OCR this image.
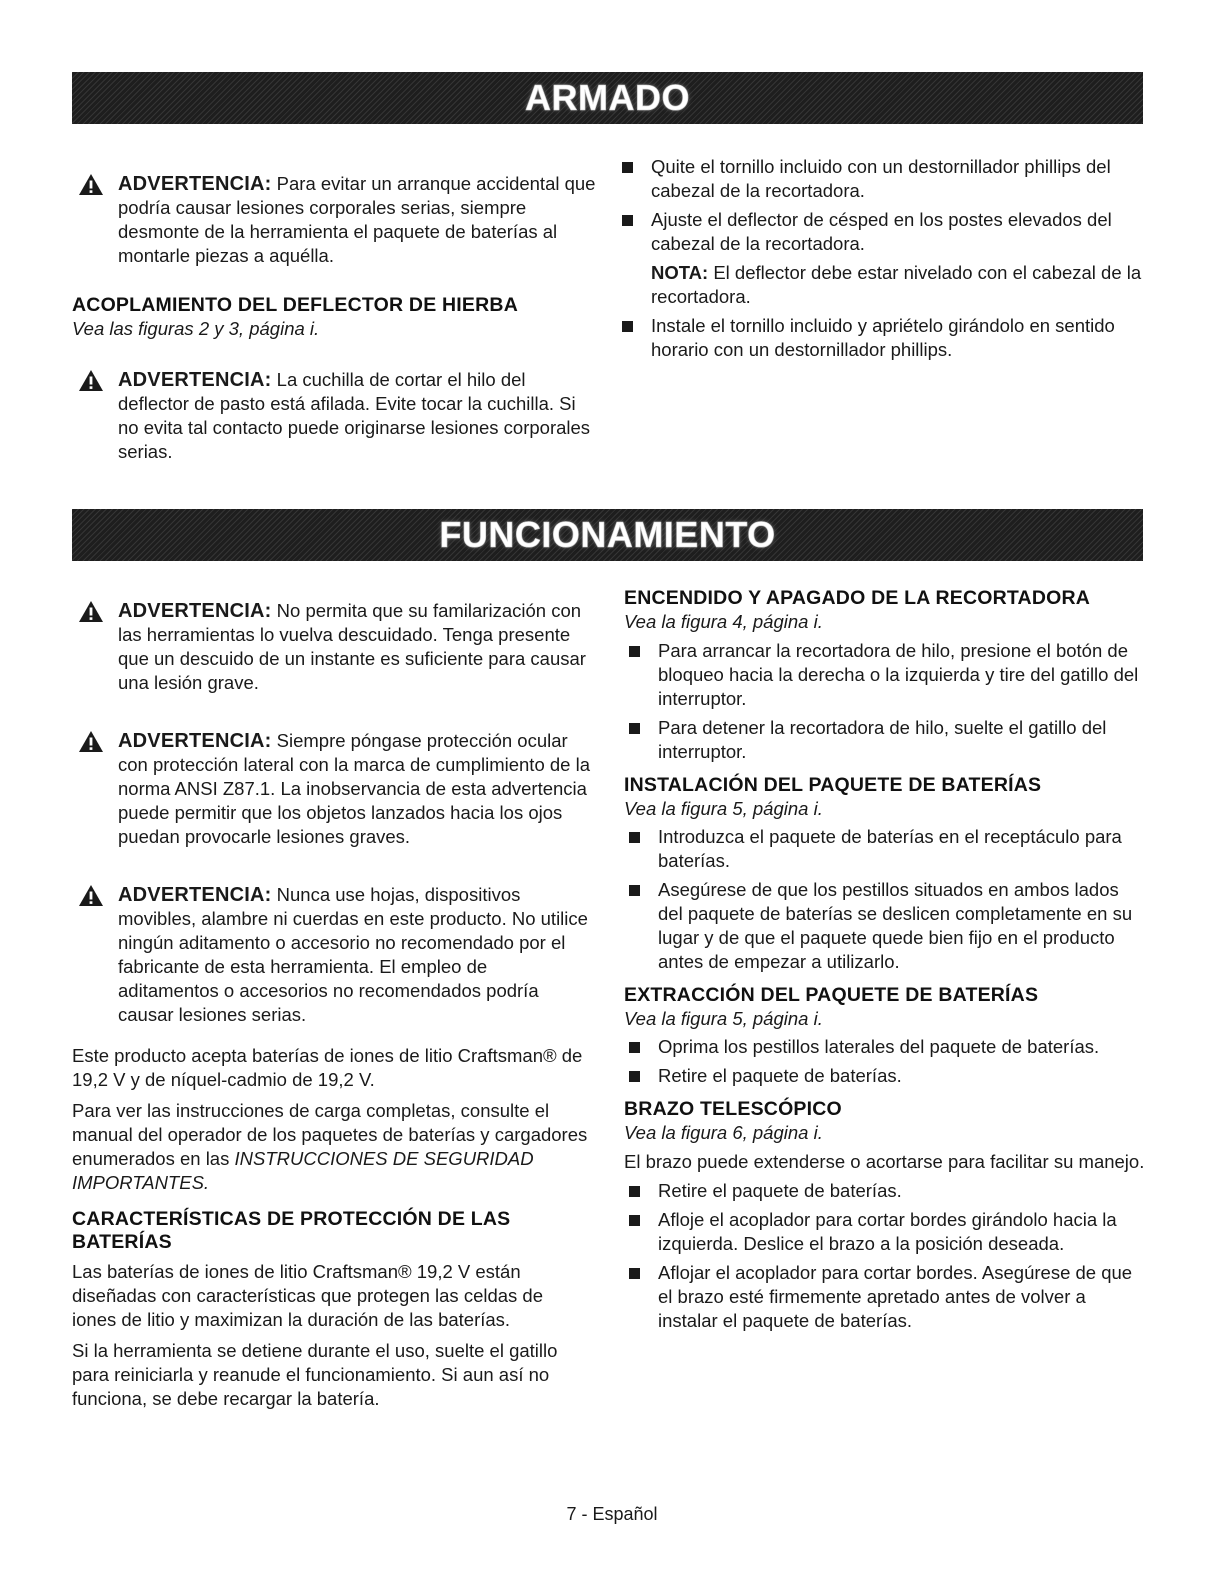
ARMADO

ADVERTENCIA: Para evitar un arranque accidental que podría causar lesiones corporales serias, siempre desmonte de la herramienta el paquete de baterías al montarle piezas a aquélla.

ACOPLAMIENTO DEL DEFLECTOR DE HIERBA

Vea las figuras 2 y 3, página i.

ADVERTENCIA: La cuchilla de cortar el hilo del deflector de pasto está afilada. Evite tocar la cuchilla. Si no evita tal contacto puede originarse lesiones corporales serias.

Quite el tornillo incluido con un destornillador phillips del cabezal de la recortadora.
Ajuste el deflector de césped en los postes elevados del cabezal de la recortadora.

NOTA: El deflector debe estar nivelado con el cabezal de la recortadora.

Instale el tornillo incluido y apriételo girándolo en sentido horario con un destornillador phillips.
FUNCIONAMIENTO

ADVERTENCIA: No permita que su familarización con las herramientas lo vuelva descuidado. Tenga presente que un descuido de un instante es suficiente para causar una lesión grave.

ADVERTENCIA: Siempre póngase protección ocular con protección lateral con la marca de cumplimiento de la norma ANSI Z87.1. La inobservancia de esta advertencia puede permitir que los objetos lanzados hacia los ojos puedan provocarle lesiones graves.

ADVERTENCIA: Nunca use hojas, dispositivos movibles, alambre ni cuerdas en este producto. No utilice ningún aditamento o accesorio no recomendado por el fabricante de esta herramienta. El empleo de aditamentos o accesorios no recomendados podría causar lesiones serias.

Este producto acepta baterías de iones de litio Craftsman® de 19,2 V y de níquel-cadmio de 19,2 V.

Para ver las instrucciones de carga completas, consulte el manual del operador de los paquetes de baterías y cargadores enumerados en las INSTRUCCIONES DE SEGURIDAD IMPORTANTES.

CARACTERÍSTICAS DE PROTECCIÓN DE LAS BATERÍAS

Las baterías de iones de litio Craftsman® 19,2 V están diseñadas con características que protegen las celdas de iones de litio y maximizan la duración de las baterías.

Si la herramienta se detiene durante el uso, suelte el gatillo para reiniciarla y reanude el funcionamiento. Si aun así no funciona, se debe recargar la batería.

ENCENDIDO Y APAGADO DE LA RECORTADORA

Vea la figura 4, página i.

Para arrancar la recortadora de hilo, presione el botón de bloqueo hacia la derecha o la izquierda y tire del gatillo del interruptor.
Para detener la recortadora de hilo, suelte el gatillo del interruptor.
INSTALACIÓN DEL PAQUETE DE BATERÍAS

Vea la figura 5, página i.

Introduzca el paquete de baterías en el receptáculo para baterías.
Asegúrese de que los pestillos situados en ambos lados del paquete de baterías se deslicen completamente en su lugar y de que el paquete quede bien fijo en el producto antes de empezar a utilizarlo.
EXTRACCIÓN DEL PAQUETE DE BATERÍAS

Vea la figura 5, página i.

Oprima los pestillos laterales del paquete de baterías.
Retire el paquete de baterías.
BRAZO TELESCÓPICO

Vea la figura 6, página i.

El brazo puede extenderse o acortarse para facilitar su manejo.

Retire el paquete de baterías.
Afloje el acoplador para cortar bordes girándolo hacia la izquierda. Deslice el brazo a la posición deseada.
Aflojar el acoplador para cortar bordes. Asegúrese de que el brazo esté firmemente apretado antes de volver a instalar el paquete de baterías.
7 - Español
